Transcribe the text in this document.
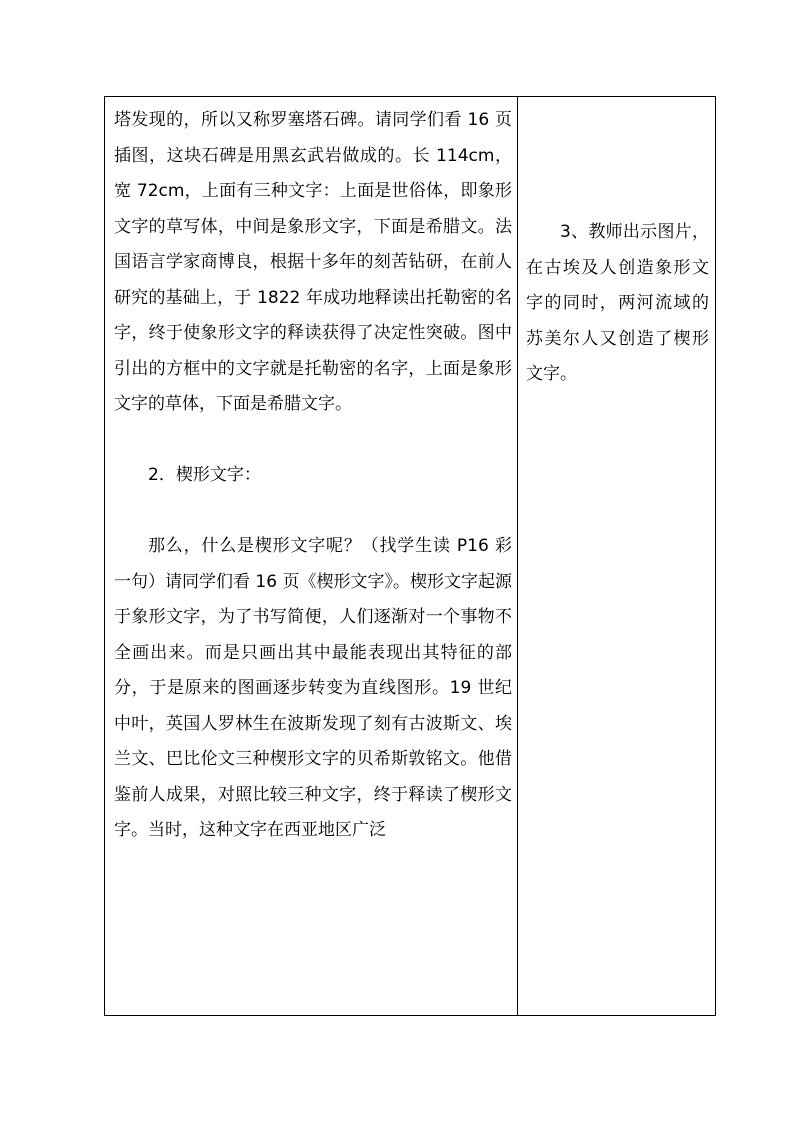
塔发现的，所以又称罗塞塔石碑。请同学们看 16 页插图，这块石碑是用黑玄武岩做成的。长 114cm，宽 72cm，上面有三种文字：上面是世俗体，即象形文字的草写体，中间是象形文字，下面是希腊文。法国语言学家商博良，根据十多年的刻苦钻研，在前人研究的基础上，于 1822 年成功地释读出托勒密的名字，终于使象形文字的释读获得了决定性突破。图中引出的方框中的文字就是托勒密的名字，上面是象形文字的草体，下面是希腊文字。

2．楔形文字：

那么，什么是楔形文字呢？（找学生读 P16 彩一句）请同学们看 16 页《楔形文字》。楔形文字起源于象形文字，为了书写简便，人们逐渐对一个事物不全画出来。而是只画出其中最能表现出其特征的部分，于是原来的图画逐步转变为直线图形。19 世纪中叶，英国人罗林生在波斯发现了刻有古波斯文、埃兰文、巴比伦文三种楔形文字的贝希斯敦铭文。他借鉴前人成果，对照比较三种文字，终于释读了楔形文字。当时，这种文字在西亚地区广泛

3、教师出示图片，在古埃及人创造象形文字的同时，两河流域的苏美尔人又创造了楔形文字。
